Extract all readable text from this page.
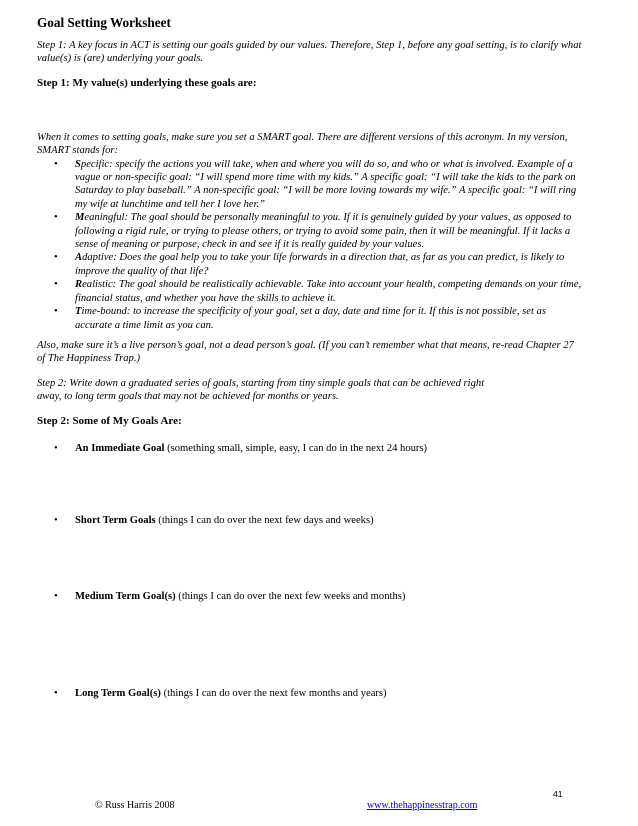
Goal Setting Worksheet

Step 1: A key focus in ACT is setting our goals guided by our values. Therefore, Step 1, before any goal setting, is to clarify what value(s) is (are) underlying your goals.

Step 1: My value(s) underlying these goals are:

When it comes to setting goals, make sure you set a SMART goal. There are different versions of this acronym. In my version, SMART stands for:

• Specific: specify the actions you will take, when and where you will do so, and who or what is involved. Example of a vague or non-specific goal: “I will spend more time with my kids.” A specific goal: “I will take the kids to the park on Saturday to play baseball.” A non-specific goal: “I will be more loving towards my wife.” A specific goal: “I will ring my wife at lunchtime and tell her I love her.”
• Meaningful: The goal should be personally meaningful to you. If it is genuinely guided by your values, as opposed to following a rigid rule, or trying to please others, or trying to avoid some pain, then it will be meaningful. If it lacks a sense of meaning or purpose, check in and see if it is really guided by your values.
• Adaptive: Does the goal help you to take your life forwards in a direction that, as far as you can predict, is likely to improve the quality of that life?
• Realistic: The goal should be realistically achievable. Take into account your health, competing demands on your time, financial status, and whether you have the skills to achieve it.
• Time-bound: to increase the specificity of your goal, set a day, date and time for it. If this is not possible, set as accurate a time limit as you can.

Also, make sure it’s a live person’s goal, not a dead person’s goal. (If you can’t remember what that means, re-read Chapter 27 of The Happiness Trap.)

Step 2: Write down a graduated series of goals, starting from tiny simple goals that can be achieved right

away, to long term goals that may not be achieved for months or years.

Step 2: Some of My Goals Are:

• An Immediate Goal (something small, simple, easy, I can do in the next 24 hours)
• Short Term Goals (things I can do over the next few days and weeks)
• Medium Term Goal(s) (things I can do over the next few weeks and months)
• Long Term Goal(s) (things I can do over the next few months and years)
41
© Russ Harris 2008	www.thehappinesstrap.com
